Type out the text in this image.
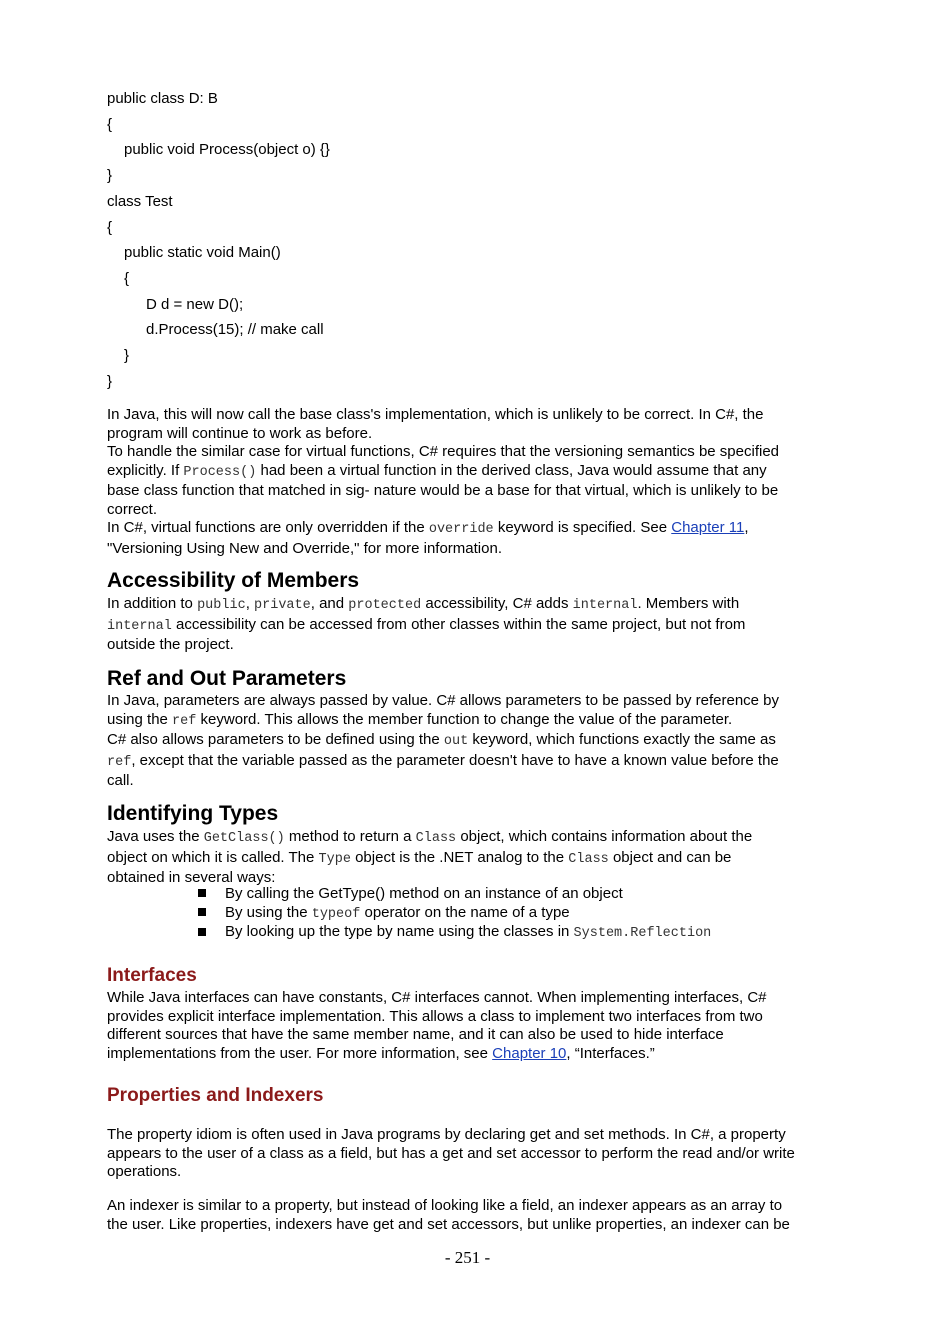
public class D: B
{
public void Process(object o) {}
}
class Test
{
public static void Main()
{
D d = new D();
d.Process(15); // make call
}
}
In Java, this will now call the base class's implementation, which is unlikely to be correct. In C#, the
program will continue to work as before.
To handle the similar case for virtual functions, C# requires that the versioning semantics be specified
explicitly. If Process() had been a virtual function in the derived class, Java would assume that any
base class function that matched in sig- nature would be a base for that virtual, which is unlikely to be
correct.
In C#, virtual functions are only overridden if the override keyword is specified. See Chapter 11,
"Versioning Using New and Override," for more information.
Accessibility of Members
In addition to public, private, and protected accessibility, C# adds internal. Members with
internal accessibility can be accessed from other classes within the same project, but not from
outside the project.
Ref and Out Parameters
In Java, parameters are always passed by value. C# allows parameters to be passed by reference by
using the ref keyword. This allows the member function to change the value of the parameter.
C# also allows parameters to be defined using the out keyword, which functions exactly the same as
ref, except that the variable passed as the parameter doesn't have to have a known value before the
call.
Identifying Types
Java uses the GetClass() method to return a Class object, which contains information about the
object on which it is called. The Type object is the .NET analog to the Class object and can be
obtained in several ways:
By calling the GetType() method on an instance of an object
By using the typeof operator on the name of a type
By looking up the type by name using the classes in System.Reflection
Interfaces
While Java interfaces can have constants, C# interfaces cannot. When implementing interfaces, C#
provides explicit interface implementation. This allows a class to implement two interfaces from two
different sources that have the same member name, and it can also be used to hide interface
implementations from the user. For more information, see Chapter 10, “Interfaces.”
Properties and Indexers
The property idiom is often used in Java programs by declaring get and set methods. In C#, a property
appears to the user of a class as a field, but has a get and set accessor to perform the read and/or write
operations.
An indexer is similar to a property, but instead of looking like a field, an indexer appears as an array to
the user. Like properties, indexers have get and set accessors, but unlike properties, an indexer can be
- 251 -
